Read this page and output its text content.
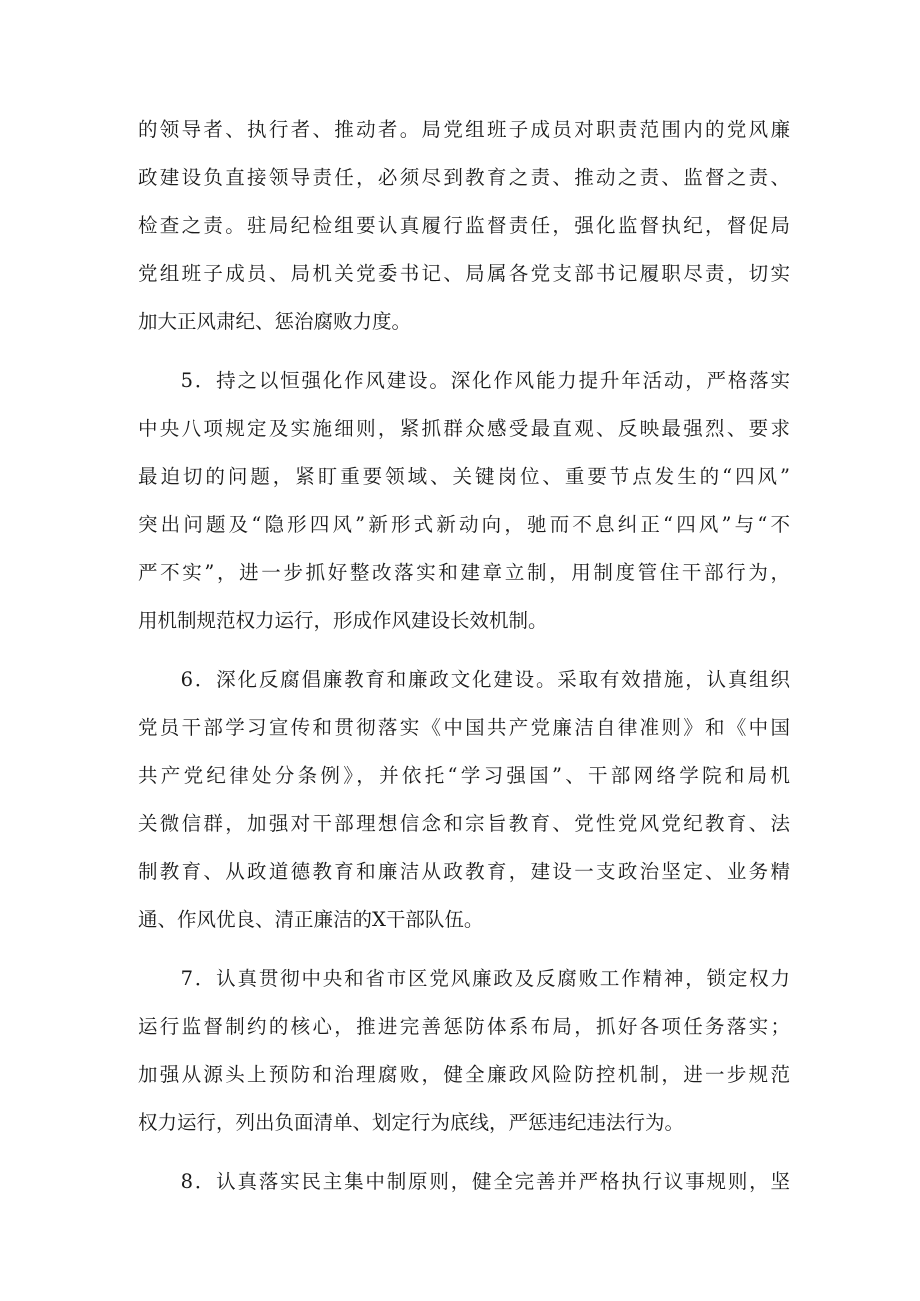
的领导者、执行者、推动者。局党组班子成员对职责范围内的党风廉
政建设负直接领导责任，必须尽到教育之责、推动之责、监督之责、
检查之责。驻局纪检组要认真履行监督责任，强化监督执纪，督促局
党组班子成员、局机关党委书记、局属各党支部书记履职尽责，切实
加大正风肃纪、惩治腐败力度。

　　5．持之以恒强化作风建设。深化作风能力提升年活动，严格落实
中央八项规定及实施细则，紧抓群众感受最直观、反映最强烈、要求
最迫切的问题，紧盯重要领域、关键岗位、重要节点发生的“四风”
突出问题及“隐形四风”新形式新动向，驰而不息纠正“四风”与“不
严不实”，进一步抓好整改落实和建章立制，用制度管住干部行为，
用机制规范权力运行，形成作风建设长效机制。

　　6．深化反腐倡廉教育和廉政文化建设。采取有效措施，认真组织
党员干部学习宣传和贯彻落实《中国共产党廉洁自律准则》和《中国
共产党纪律处分条例》，并依托“学习强国”、干部网络学院和局机
关微信群，加强对干部理想信念和宗旨教育、党性党风党纪教育、法
制教育、从政道德教育和廉洁从政教育，建设一支政治坚定、业务精
通、作风优良、清正廉洁的X干部队伍。

　　7．认真贯彻中央和省市区党风廉政及反腐败工作精神，锁定权力
运行监督制约的核心，推进完善惩防体系布局，抓好各项任务落实；
加强从源头上预防和治理腐败，健全廉政风险防控机制，进一步规范
权力运行，列出负面清单、划定行为底线，严惩违纪违法行为。

　　8．认真落实民主集中制原则，健全完善并严格执行议事规则，坚
